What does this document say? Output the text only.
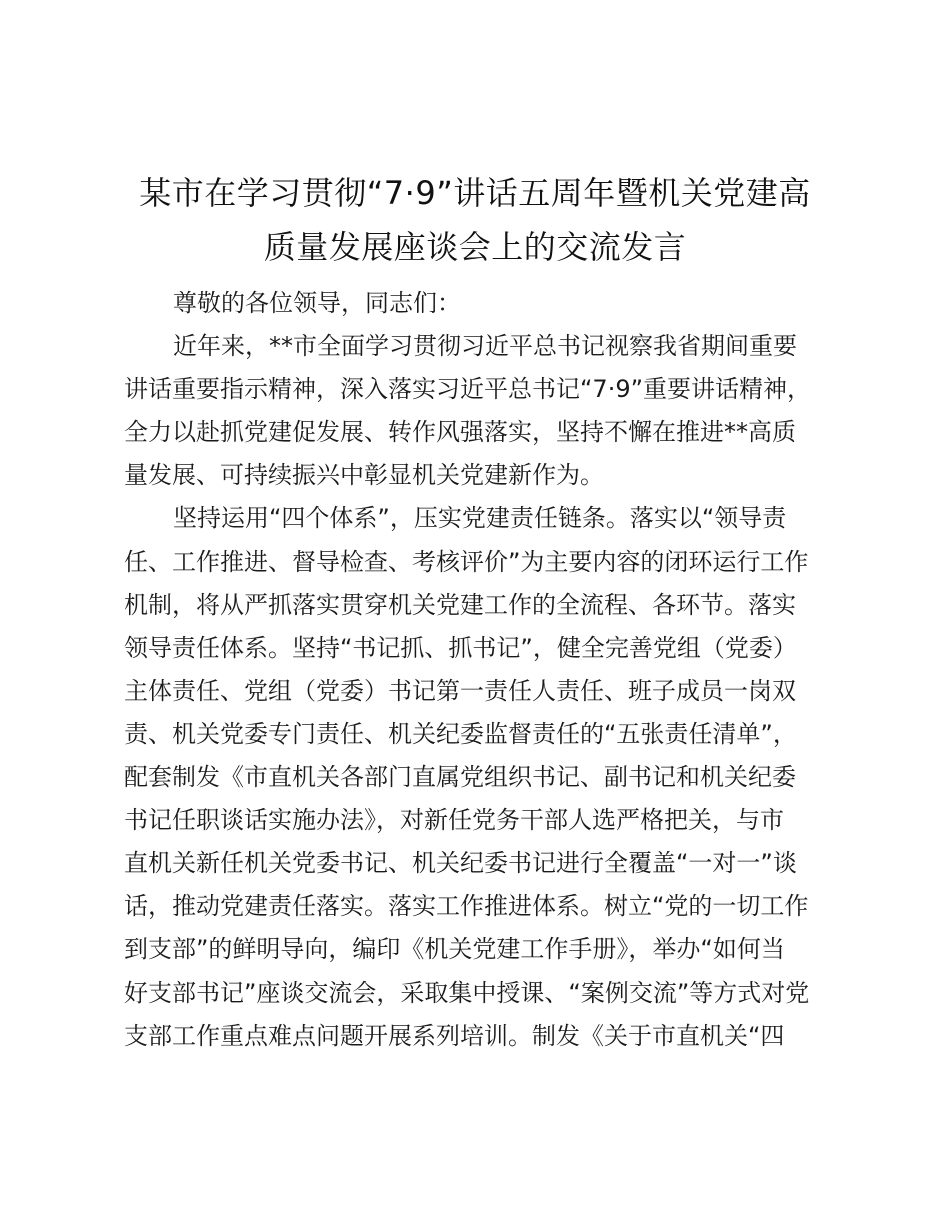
某市在学习贯彻“7·9”讲话五周年暨机关党建高
质量发展座谈会上的交流发言
尊敬的各位领导，同志们：
近年来，**市全面学习贯彻习近平总书记视察我省期间重要
讲话重要指示精神，深入落实习近平总书记“7·9”重要讲话精神，
全力以赴抓党建促发展、转作风强落实，坚持不懈在推进**高质
量发展、可持续振兴中彰显机关党建新作为。
坚持运用“四个体系”，压实党建责任链条。落实以“领导责
任、工作推进、督导检查、考核评价”为主要内容的闭环运行工作
机制，将从严抓落实贯穿机关党建工作的全流程、各环节。落实
领导责任体系。坚持“书记抓、抓书记”，健全完善党组（党委）
主体责任、党组（党委）书记第一责任人责任、班子成员一岗双
责、机关党委专门责任、机关纪委监督责任的“五张责任清单”，
配套制发《市直机关各部门直属党组织书记、副书记和机关纪委
书记任职谈话实施办法》，对新任党务干部人选严格把关，与市
直机关新任机关党委书记、机关纪委书记进行全覆盖“一对一”谈
话，推动党建责任落实。落实工作推进体系。树立“党的一切工作
到支部”的鲜明导向，编印《机关党建工作手册》，举办“如何当
好支部书记”座谈交流会，采取集中授课、“案例交流”等方式对党
支部工作重点难点问题开展系列培训。制发《关于市直机关“四
